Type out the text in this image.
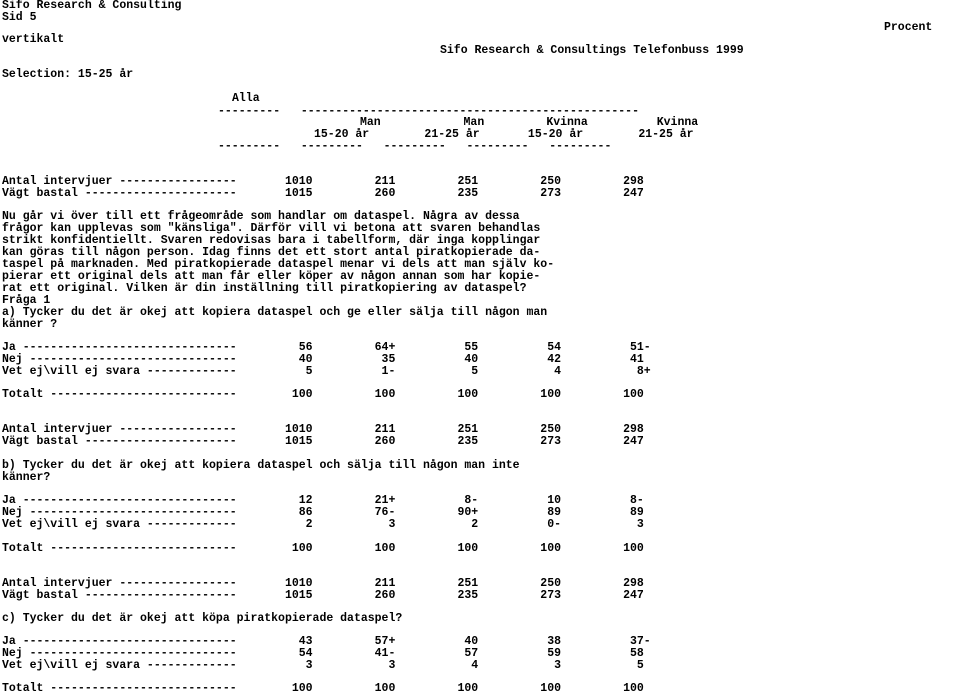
Sifo Research & Consulting
Sid 5
vertikalt
Procent
Sifo Research & Consultings Telefonbuss 1999
Selection: 15-25 år
Alla
---------   -------------------------------------------------
Man            Man         Kvinna          Kvinna
15-20 år        21-25 år       15-20 år        21-25 år
---------   ---------   ---------   ---------   ---------
Antal intervjuer -----------------       1010         211         251         250         298
Vägt bastal ----------------------       1015         260         235         273         247
Nu går vi över till ett frågeområde som handlar om dataspel. Några av dessa
frågor kan upplevas som "känsliga". Därför vill vi betona att svaren behandlas
strikt konfidentiellt. Svaren redovisas bara i tabellform, där inga kopplingar
kan göras till någon person. Idag finns det ett stort antal piratkopierade da-
taspel på marknaden. Med piratkopierade dataspel menar vi dels att man själv ko-
pierar ett original dels att man får eller köper av någon annan som har kopie-
rat ett original. Vilken är din inställning till piratkopiering av dataspel?
Fråga 1
a) Tycker du det är okej att kopiera dataspel och ge eller sälja till någon man
känner ?
Ja -------------------------------         56         64+          55          54          51-
Nej ------------------------------         40          35          40          42          41
Vet ej\vill ej svara -------------          5          1-           5           4           8+
Totalt ---------------------------        100         100         100         100         100
Antal intervjuer -----------------       1010         211         251         250         298
Vägt bastal ----------------------       1015         260         235         273         247
b) Tycker du det är okej att kopiera dataspel och sälja till någon man inte
känner?
Ja -------------------------------         12         21+          8-          10          8-
Nej ------------------------------         86         76-         90+          89          89
Vet ej\vill ej svara -------------          2           3           2          0-           3
Totalt ---------------------------        100         100         100         100         100
Antal intervjuer -----------------       1010         211         251         250         298
Vägt bastal ----------------------       1015         260         235         273         247
c) Tycker du det är okej att köpa piratkopierade dataspel?
Ja -------------------------------         43         57+          40          38          37-
Nej ------------------------------         54         41-          57          59          58
Vet ej\vill ej svara -------------          3           3           4           3           5
Totalt ---------------------------        100         100         100         100         100
